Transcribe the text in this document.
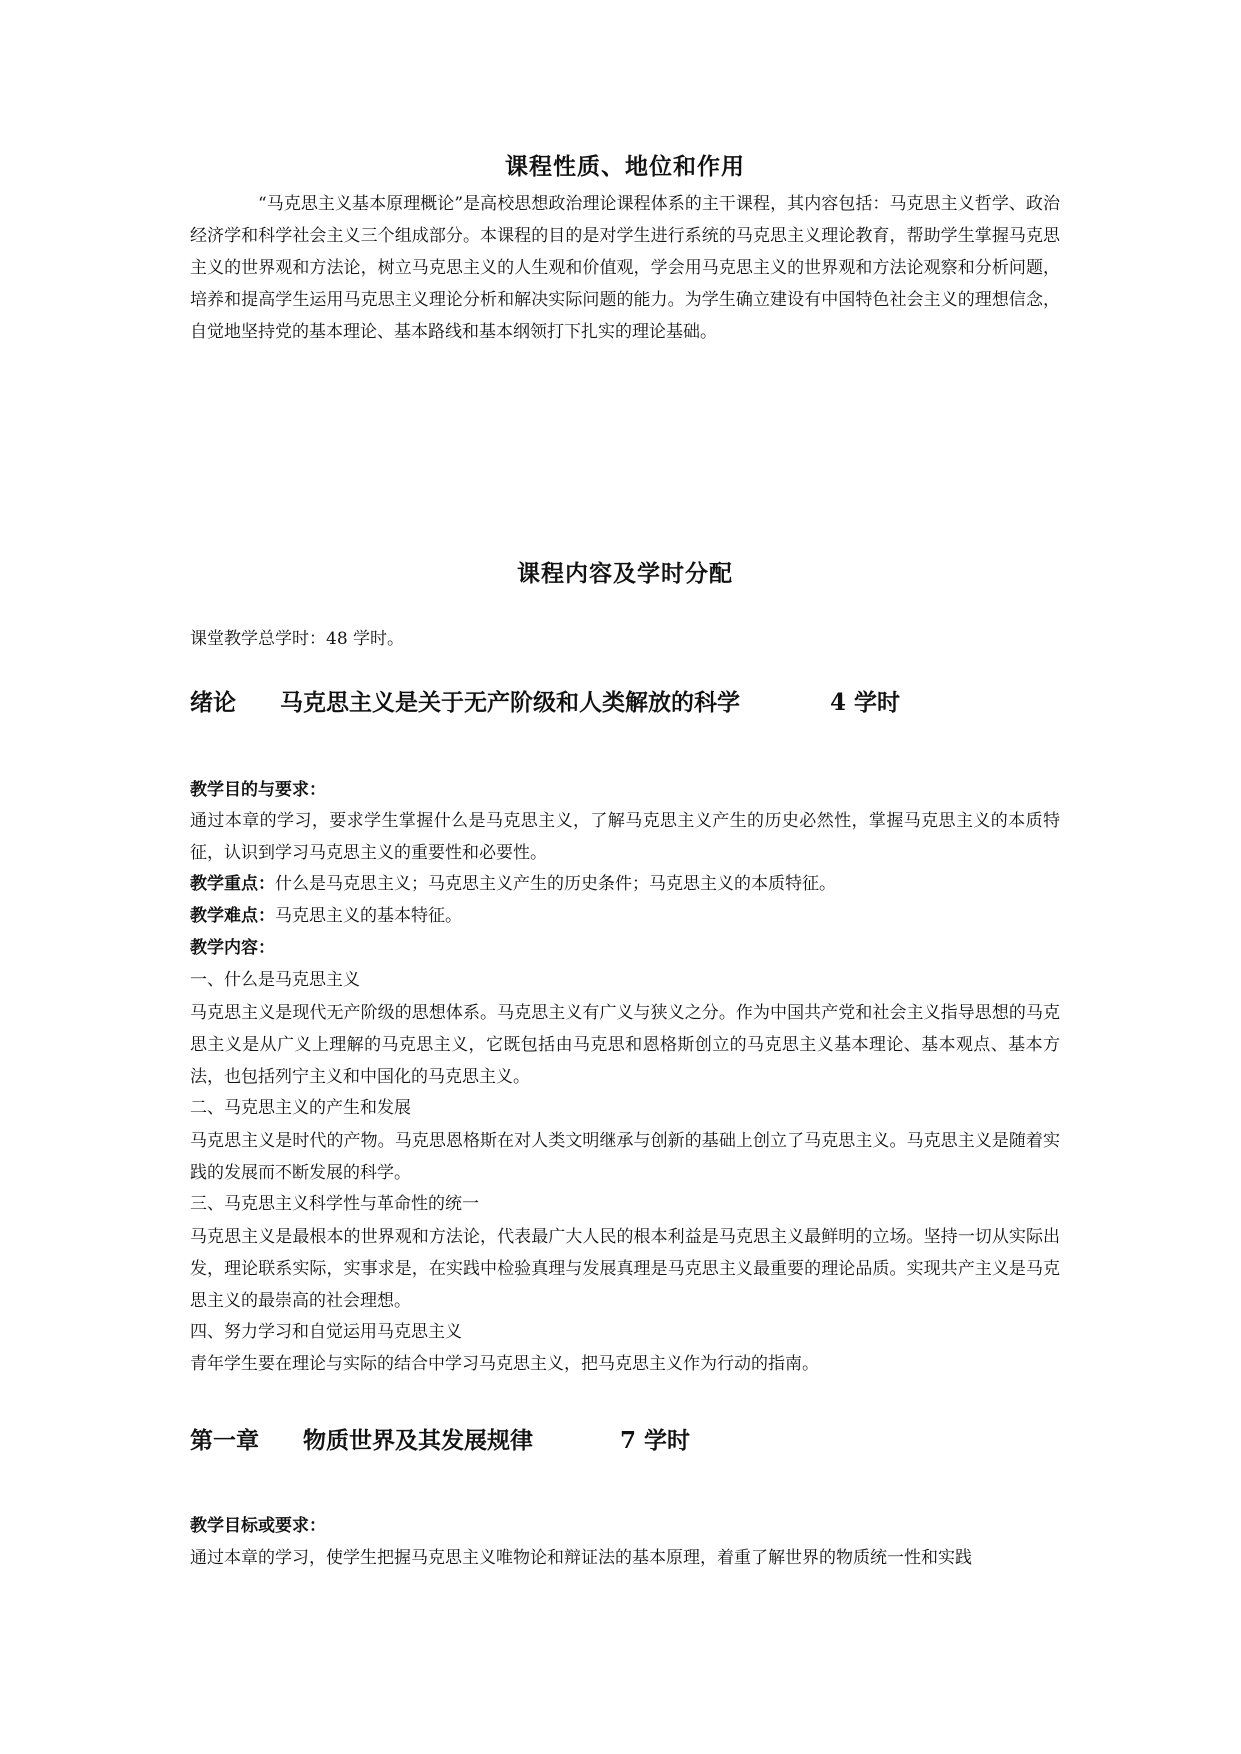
课程性质、地位和作用
“马克思主义基本原理概论”是高校思想政治理论课程体系的主干课程，其内容包括：马克思主义哲学、政治经济学和科学社会主义三个组成部分。本课程的目的是对学生进行系统的马克思主义理论教育，帮助学生掌握马克思主义的世界观和方法论，树立马克思主义的人生观和价值观，学会用马克思主义的世界观和方法论观察和分析问题，培养和提高学生运用马克思主义理论分析和解决实际问题的能力。为学生确立建设有中国特色社会主义的理想信念，自觉地坚持党的基本理论、基本路线和基本纲领打下扎实的理论基础。
课程内容及学时分配
课堂教学总学时：48 学时。
绪论 马克思主义是关于无产阶级和人类解放的科学	4 学时
教学目的与要求：
通过本章的学习，要求学生掌握什么是马克思主义，了解马克思主义产生的历史必然性，掌握马克思主义的本质特征，认识到学习马克思主义的重要性和必要性。
教学重点：什么是马克思主义；马克思主义产生的历史条件；马克思主义的本质特征。
教学难点：马克思主义的基本特征。
教学内容：
一、什么是马克思主义
马克思主义是现代无产阶级的思想体系。马克思主义有广义与狭义之分。作为中国共产党和社会主义指导思想的马克思主义是从广义上理解的马克思主义，它既包括由马克思和恩格斯创立的马克思主义基本理论、基本观点、基本方法，也包括列宁主义和中国化的马克思主义。
二、马克思主义的产生和发展
马克思主义是时代的产物。马克思恩格斯在对人类文明继承与创新的基础上创立了马克思主义。马克思主义是随着实践的发展而不断发展的科学。
三、马克思主义科学性与革命性的统一
马克思主义是最根本的世界观和方法论，代表最广大人民的根本利益是马克思主义最鲜明的立场。坚持一切从实际出发，理论联系实际，实事求是，在实践中检验真理与发展真理是马克思主义最重要的理论品质。实现共产主义是马克思主义的最崇高的社会理想。
四、努力学习和自觉运用马克思主义
青年学生要在理论与实际的结合中学习马克思主义，把马克思主义作为行动的指南。
第一章 物质世界及其发展规律	7 学时
教学目标或要求：
通过本章的学习，使学生把握马克思主义唯物论和辩证法的基本原理，着重了解世界的物质统一性和实践
